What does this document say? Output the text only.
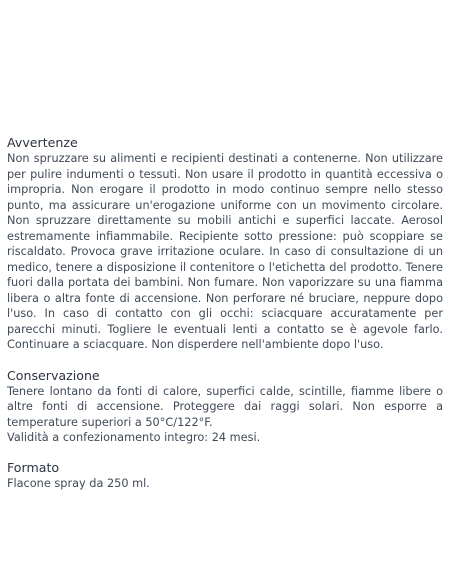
Avvertenze

Non spruzzare su alimenti e recipienti destinati a contenerne. Non utilizzare per pulire indumenti o tessuti. Non usare il prodotto in quantità eccessiva o impropria. Non erogare il prodotto in modo continuo sempre nello stesso punto, ma assicurare un'erogazione uniforme con un movimento circolare. Non spruzzare direttamente su mobili antichi e superfici laccate. Aerosol estremamente infiammabile. Recipiente sotto pressione: può scoppiare se riscaldato. Provoca grave irritazione oculare. In caso di consultazione di un medico, tenere a disposizione il contenitore o l'etichetta del prodotto. Tenere fuori dalla portata dei bambini. Non fumare. Non vaporizzare su una fiamma libera o altra fonte di accensione. Non perforare né bruciare, neppure dopo l'uso. In caso di contatto con gli occhi: sciacquare accuratamente per parecchi minuti. Togliere le eventuali lenti a contatto se è agevole farlo. Continuare a sciacquare. Non disperdere nell'ambiente dopo l'uso.

Conservazione

Tenere lontano da fonti di calore, superfici calde, scintille, fiamme libere o altre fonti di accensione. Proteggere dai raggi solari. Non esporre a temperature superiori a 50°C/122°F.

Validità a confezionamento integro: 24 mesi.

Formato

Flacone spray da 250 ml.
